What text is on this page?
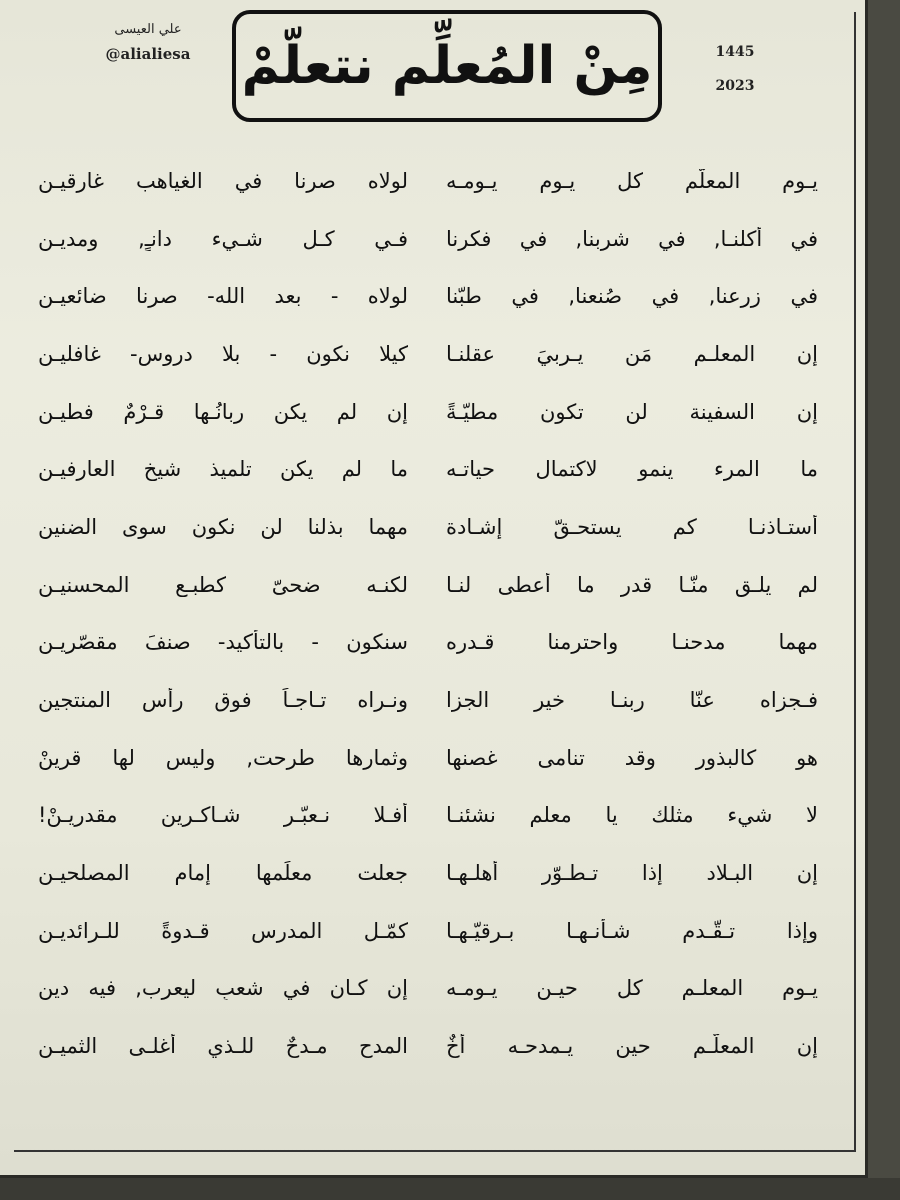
علي العيسى
@alialiesa مِنْ المُعلِّم نتعلّمْ	1445
2023
يـوم المعلّم كل يـوم يـومـه
لولاه صرنا في الغياهب غارقيـن
في أكلنـا, في شربنا, في فكرنا
فـي كـل شـيء دانـٍ, ومديـن
في زرعنا, في صُنعنا, في طبّنا
لولاه - بعد الله- صرنا ضائعيـن
إن المعلـم مَن يـربيَ عقلنـا
كيلا نكون - بلا دروس- غافليـن
إن السفينة لن تكون مطيّـةً
إن لم يكن ربانُـها قـرْمٌ فطيـن
ما المرء ينمو لاكتمال حياتـه
ما لم يكن تلميذ شيخ العارفيـن
أستـاذنـا كم يستحـقّ إشـادة
مهما بذلنا لن نكون سوى الضنين
لم يلـق منّـا قدر ما أعطى لنـا
لكنـه ضحىّ كطبـع المحسنيـن
مهما مدحنـا واحترمنا قـدره
سنكون - بالتأكيد- صنفَ مقصّريـن
فـجزاه عنّا ربنـا خير الجزا
ونـراه تـاجـاً فوق رأس المنتجين
هو كالبذور وقد تنامى غصنها
وثمارها طرحت, وليس لها قرينْ
لا شيء مثلك يا معلم نشئنـا
أفـلا نـعبّـر شـاكـرين مقدريـنْ!
إن البـلاد إذا تـطـوّر أهلـهـا
جعلت معلِّمها إمام المصلحيـن
وإذا تـقّـدم شـأنـهـا بـرقيّـهـا
كمّـل المدرس قـدوةً للـرائديـن
يـوم المعلـم كل حيـنٍ يـومـه
إن كـان في شعبٍ ليعرب, فيه دين
إن المعلّـم حين يـمدحـه أخٌ
المدح مـدحٌ للـذي أغلـى الثميـن
